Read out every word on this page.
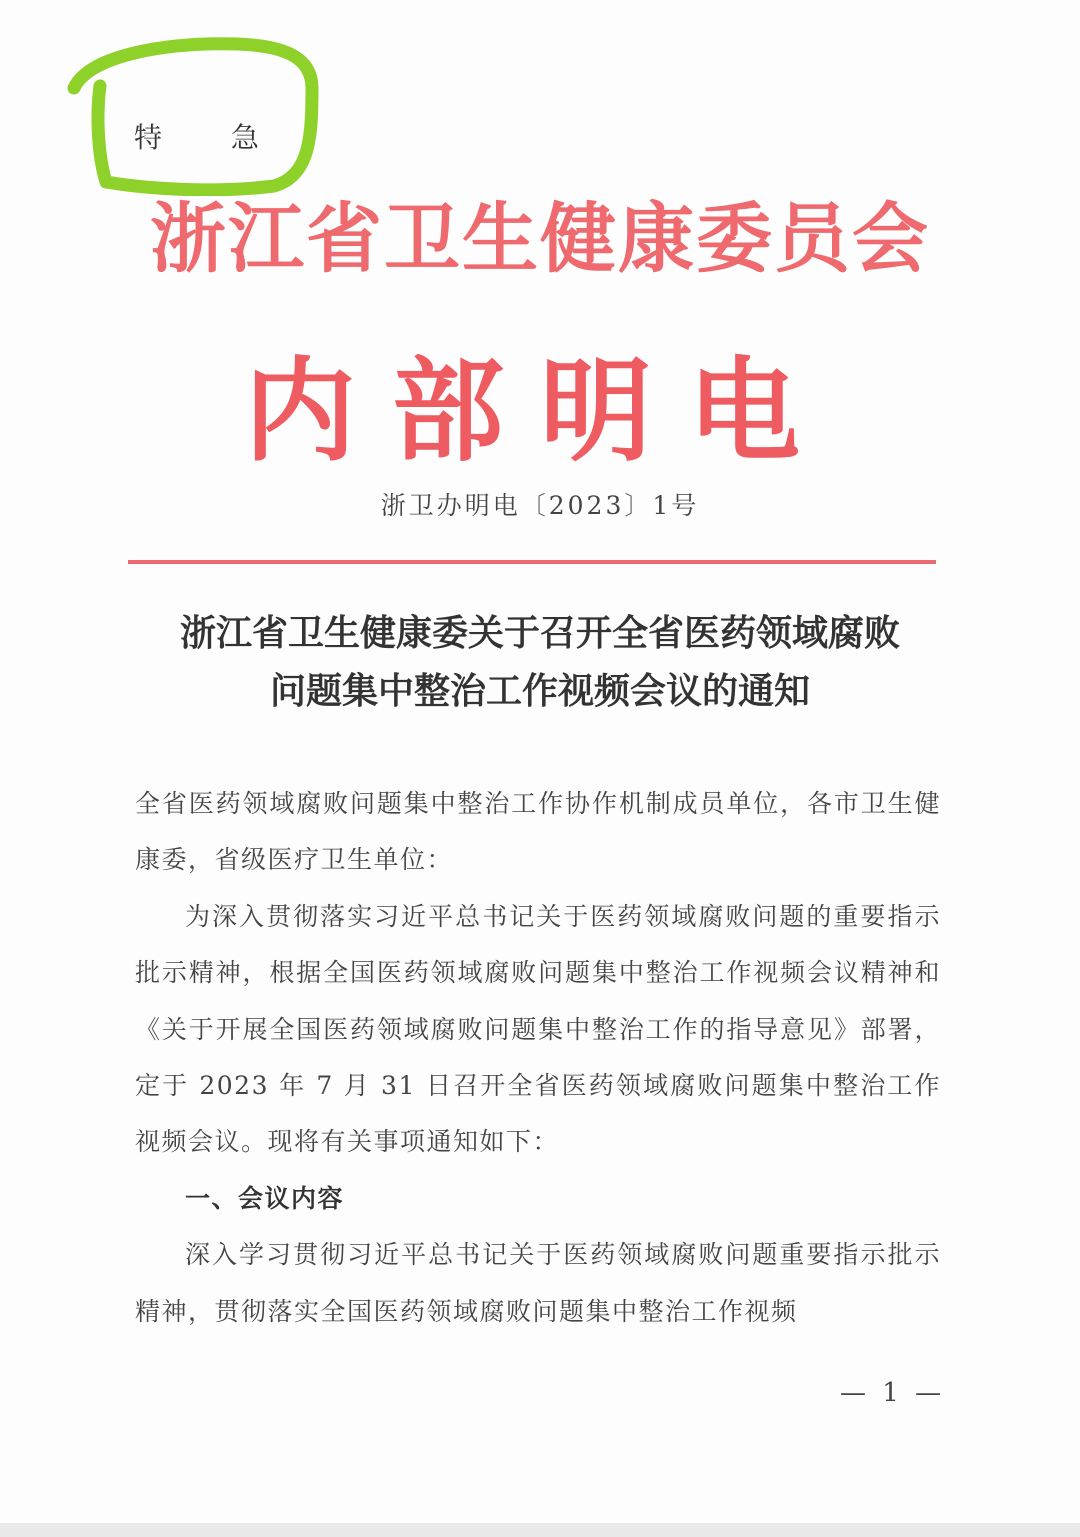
特 急
浙江省卫生健康委员会
内部明电
浙卫办明电〔2023〕1号
浙江省卫生健康委关于召开全省医药领域腐败
问题集中整治工作视频会议的通知

全省医药领域腐败问题集中整治工作协作机制成员单位，各市卫生健康委，省级医疗卫生单位：

为深入贯彻落实习近平总书记关于医药领域腐败问题的重要指示批示精神，根据全国医药领域腐败问题集中整治工作视频会议精神和《关于开展全国医药领域腐败问题集中整治工作的指导意见》部署，定于 2023 年 7 月 31 日召开全省医药领域腐败问题集中整治工作视频会议。现将有关事项通知如下：

一、会议内容

深入学习贯彻习近平总书记关于医药领域腐败问题重要指示批示精神，贯彻落实全国医药领域腐败问题集中整治工作视频

— 1 —
